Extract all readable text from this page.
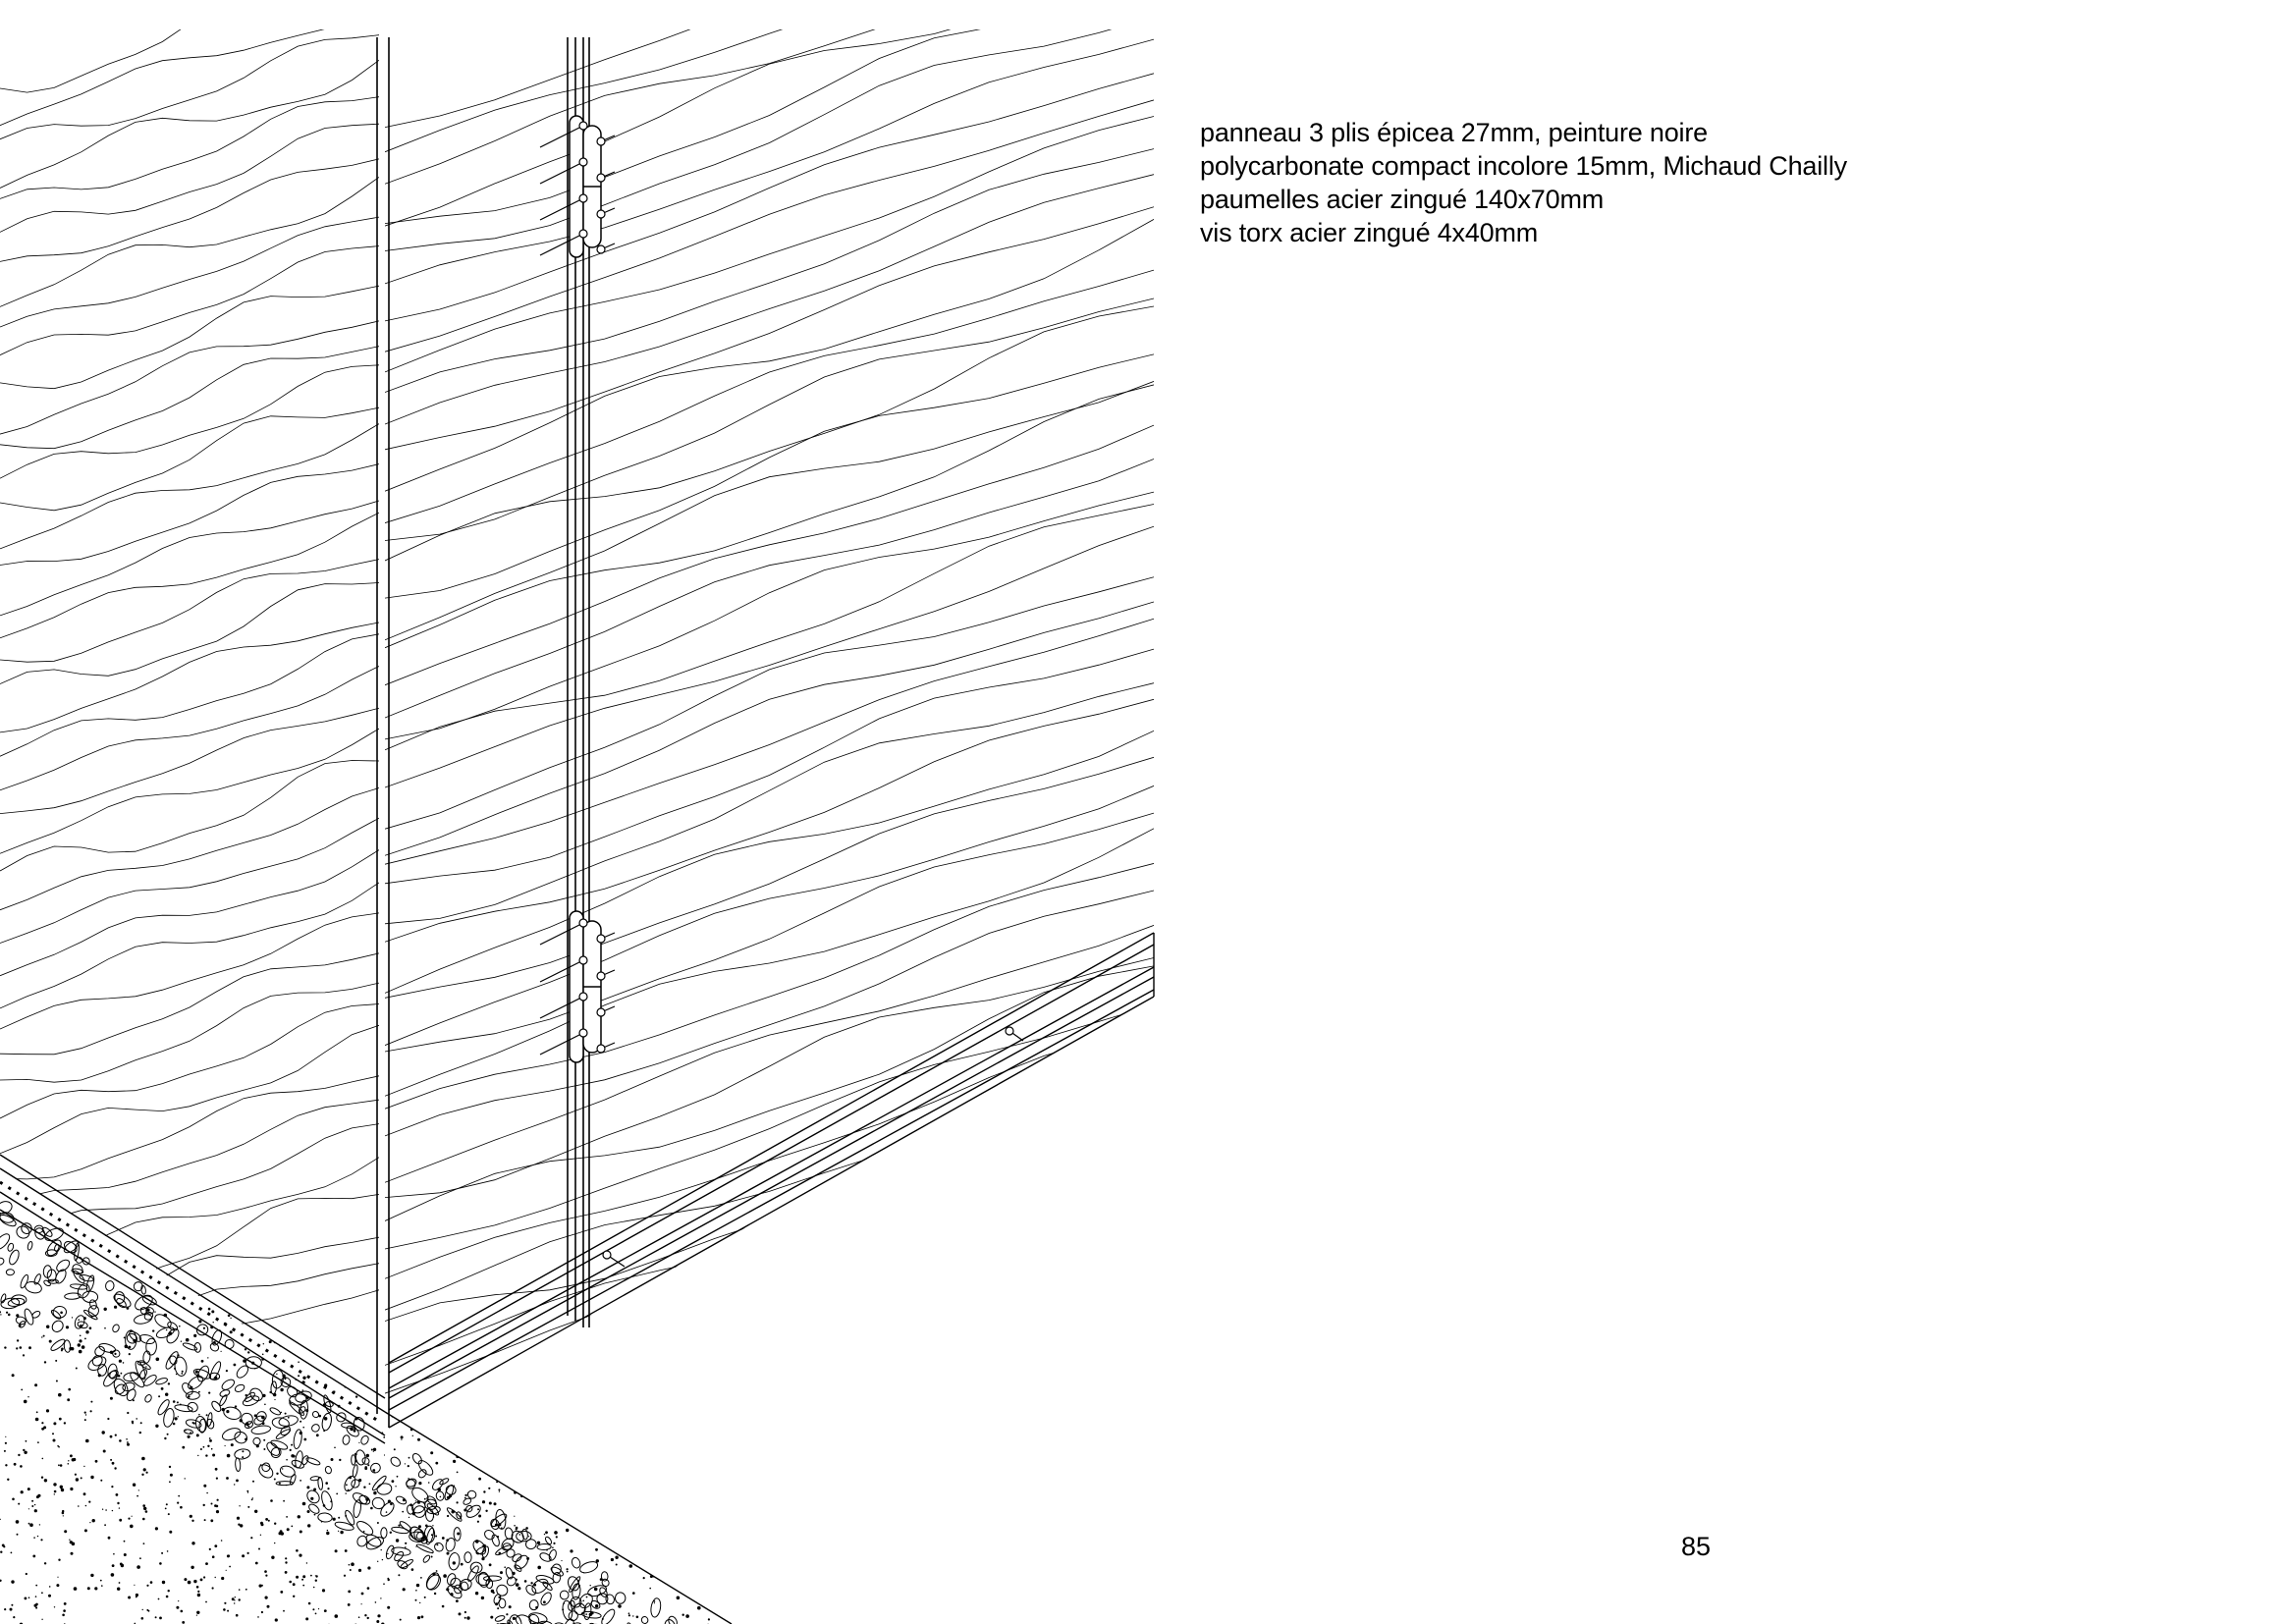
panneau 3 plis épicea 27mm, peinture noire
polycarbonate compact incolore 15mm, Michaud Chailly
paumelles acier zingué 140x70mm
vis torx acier zingué 4x40mm
85
